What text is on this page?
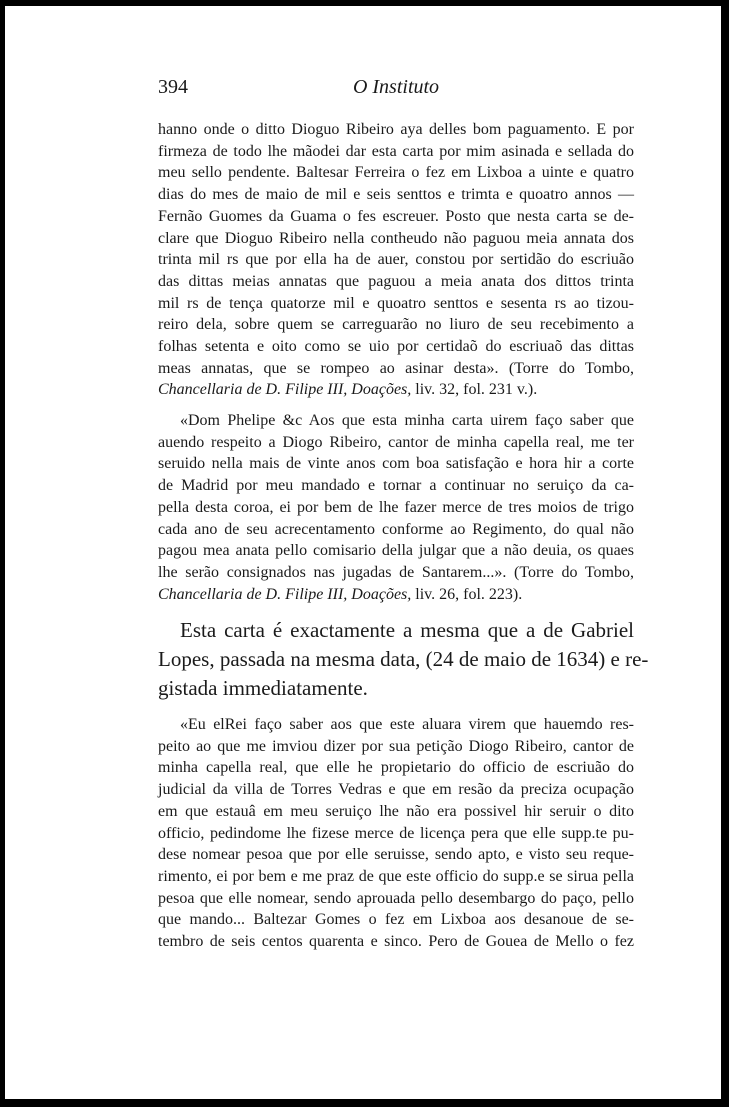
394	O Instituto

hanno onde o ditto Dioguo Ribeiro aya delles bom paguamento. E por
firmeza de todo lhe mãodei dar esta carta por mim asinada e sellada do
meu sello pendente. Baltesar Ferreira o fez em Lixboa a uinte e quatro
dias do mes de maio de mil e seis senttos e trimta e quoatro annos —
Fernão Guomes da Guama o fes escreuer. Posto que nesta carta se de-
clare que Dioguo Ribeiro nella contheudo não paguou meia annata dos
trinta mil rs que por ella ha de auer, constou por sertidão do escriuão
das dittas meias annatas que paguou a meia anata dos dittos trinta
mil rs de tença quatorze mil e quoatro senttos e sesenta rs ao tizou-
reiro dela, sobre quem se carreguarão no liuro de seu recebimento a
folhas setenta e oito como se uio por certidaõ do escriuaõ das dittas
meas annatas, que se rompeo ao asinar desta». (Torre do Tombo,
Chancellaria de D. Filipe III, Doações, liv. 32, fol. 231 v.).

«Dom Phelipe &c Aos que esta minha carta uirem faço saber que
auendo respeito a Diogo Ribeiro, cantor de minha capella real, me ter
seruido nella mais de vinte anos com boa satisfação e hora hir a corte
de Madrid por meu mandado e tornar a continuar no seruiço da ca-
pella desta coroa, ei por bem de lhe fazer merce de tres moios de trigo
cada ano de seu acrecentamento conforme ao Regimento, do qual não
pagou mea anata pello comisario della julgar que a não deuia, os quaes
lhe serão consignados nas jugadas de Santarem...». (Torre do Tombo,
Chancellaria de D. Filipe III, Doações, liv. 26, fol. 223).

Esta carta é exactamente a mesma que a de Gabriel
Lopes, passada na mesma data, (24 de maio de 1634) e re-
gistada immediatamente.

«Eu elRei faço saber aos que este aluara virem que hauemdo res-
peito ao que me imviou dizer por sua petição Diogo Ribeiro, cantor de
minha capella real, que elle he propietario do officio de escriuão do
judicial da villa de Torres Vedras e que em resão da preciza ocupação
em que estauâ em meu seruiço lhe não era possivel hir seruir o dito
officio, pedindome lhe fizese merce de licença pera que elle supp.te pu-
dese nomear pesoa que por elle seruisse, sendo apto, e visto seu reque-
rimento, ei por bem e me praz de que este officio do supp.e se sirua pella
pesoa que elle nomear, sendo aprouada pello desembargo do paço, pello
que mando... Baltezar Gomes o fez em Lixboa aos desanoue de se-
tembro de seis centos quarenta e sinco. Pero de Gouea de Mello o fez
